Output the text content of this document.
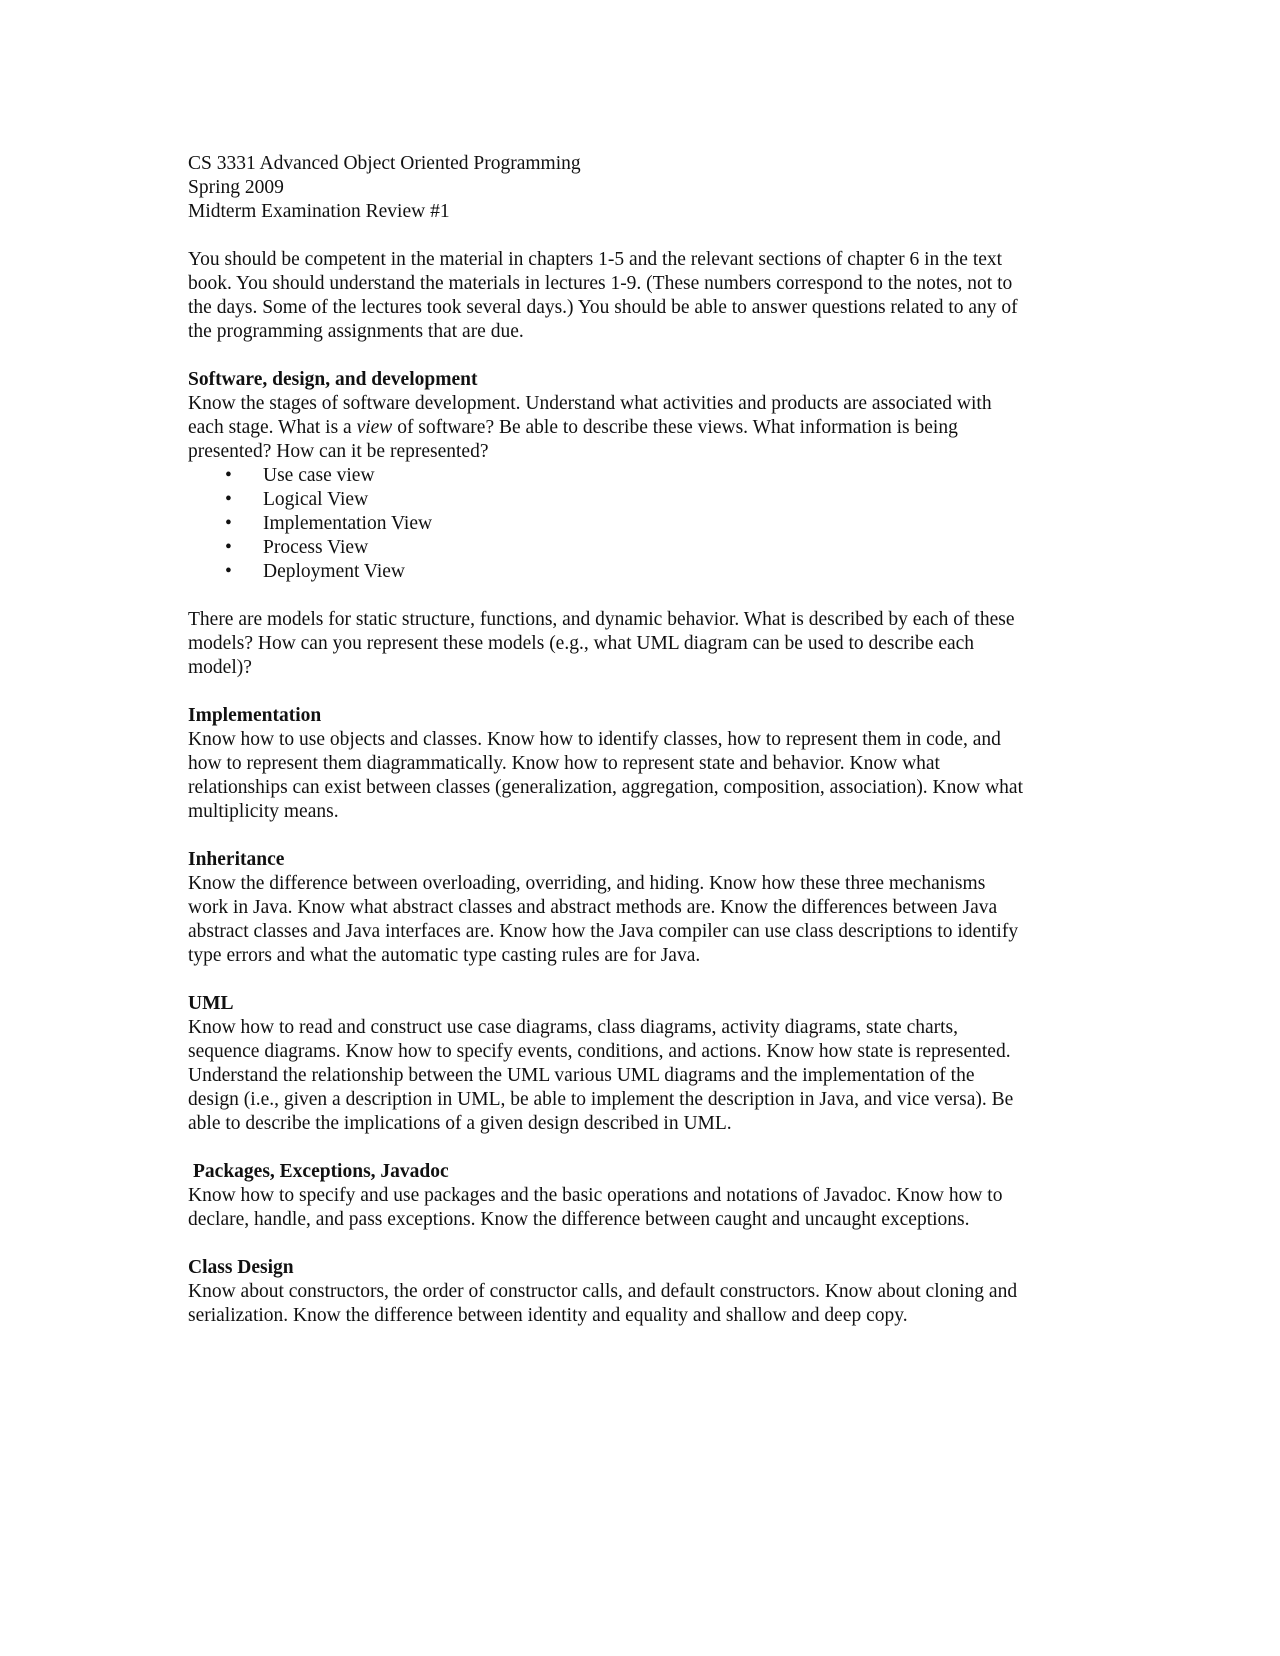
CS 3331 Advanced Object Oriented Programming

Spring 2009

Midterm Examination Review #1

You should be competent in the material in chapters 1-5 and the relevant sections of chapter 6 in the text

book. You should understand the materials in lectures 1-9. (These numbers correspond to the notes, not to

the days. Some of the lectures took several days.) You should be able to answer questions related to any of

the programming assignments that are due.

Software, design, and development

Know the stages of software development. Understand what activities and products are associated with

each stage. What is a view of software? Be able to describe these views. What information is being

presented? How can it be represented?

• Use case view
• Logical View
• Implementation View
• Process View
• Deployment View

There are models for static structure, functions, and dynamic behavior. What is described by each of these

models? How can you represent these models (e.g., what UML diagram can be used to describe each

model)?

Implementation

Know how to use objects and classes. Know how to identify classes, how to represent them in code, and

how to represent them diagrammatically. Know how to represent state and behavior. Know what

relationships can exist between classes (generalization, aggregation, composition, association). Know what

multiplicity means.

Inheritance

Know the difference between overloading, overriding, and hiding. Know how these three mechanisms

work in Java. Know what abstract classes and abstract methods are. Know the differences between Java

abstract classes and Java interfaces are. Know how the Java compiler can use class descriptions to identify

type errors and what the automatic type casting rules are for Java.

UML

Know how to read and construct use case diagrams, class diagrams, activity diagrams, state charts,

sequence diagrams. Know how to specify events, conditions, and actions. Know how state is represented.

Understand the relationship between the UML various UML diagrams and the implementation of the

design (i.e., given a description in UML, be able to implement the description in Java, and vice versa). Be

able to describe the implications of a given design described in UML.

Packages, Exceptions, Javadoc

Know how to specify and use packages and the basic operations and notations of Javadoc. Know how to

declare, handle, and pass exceptions. Know the difference between caught and uncaught exceptions.

Class Design

Know about constructors, the order of constructor calls, and default constructors. Know about cloning and

serialization. Know the difference between identity and equality and shallow and deep copy.
